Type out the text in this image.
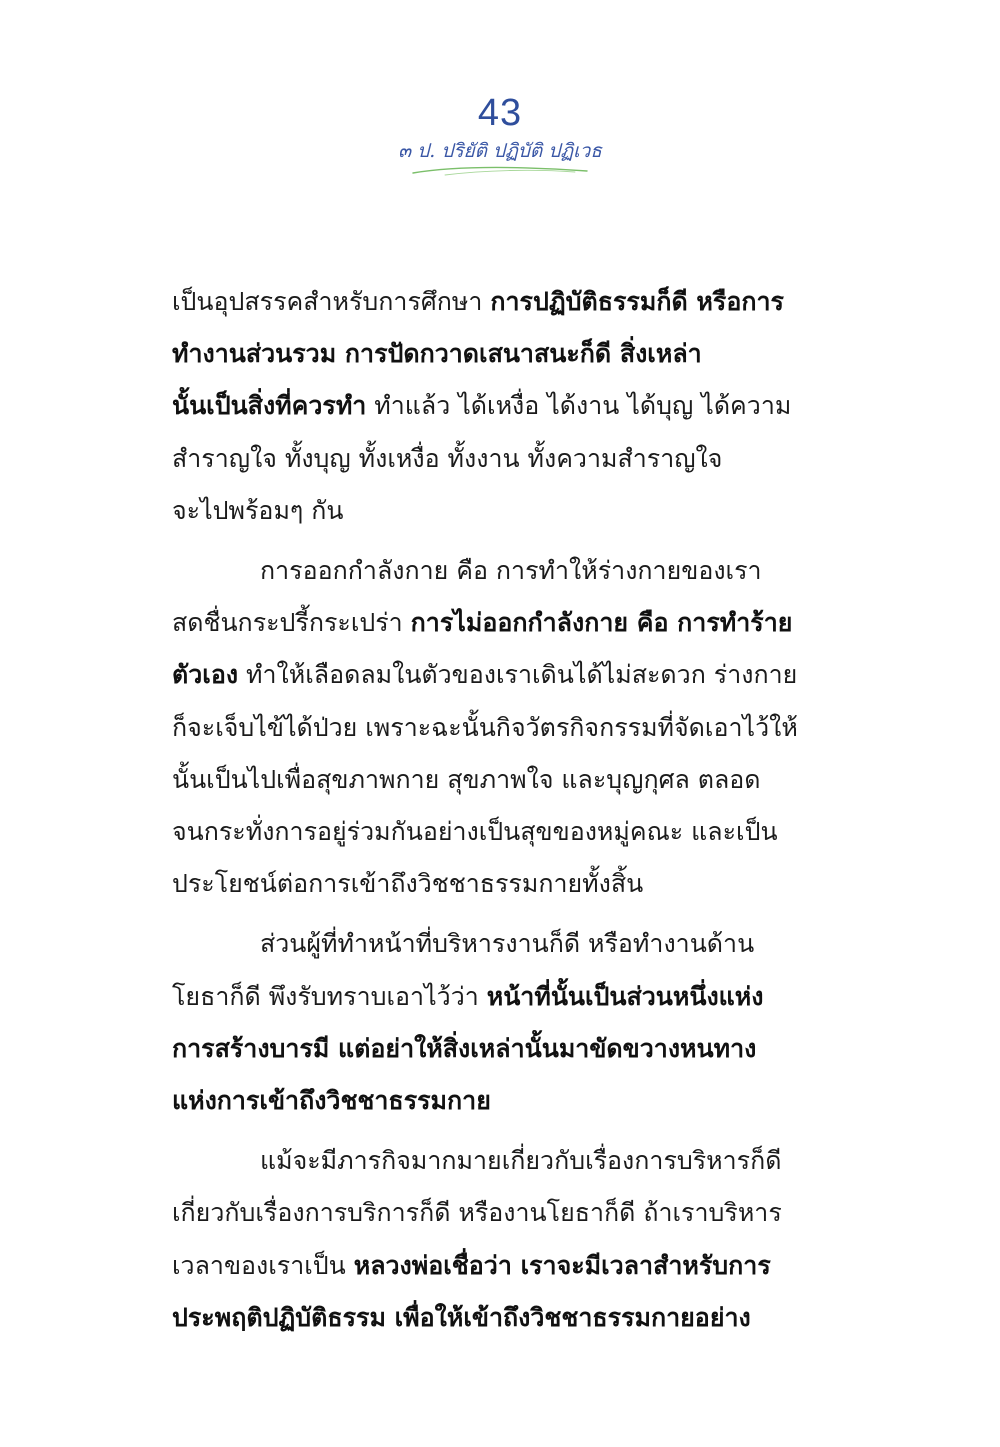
43
๓ ป. ปริยัติ ปฏิบัติ ปฏิเวธ
เป็นอุปสรรคสำหรับการศึกษา การปฏิบัติธรรมก็ดี หรือการ
ทำงานส่วนรวม การปัดกวาดเสนาสนะก็ดี สิ่งเหล่า
นั้นเป็นสิ่งที่ควรทำ ทำแล้ว ได้เหงื่อ ได้งาน ได้บุญ ได้ความ
สำราญใจ ทั้งบุญ ทั้งเหงื่อ ทั้งงาน ทั้งความสำราญใจ
จะไปพร้อมๆ กัน
การออกกำลังกาย คือ การทำให้ร่างกายของเรา
สดชื่นกระปรี้กระเปร่า การไม่ออกกำลังกาย คือ การทำร้าย
ตัวเอง ทำให้เลือดลมในตัวของเราเดินได้ไม่สะดวก ร่างกาย
ก็จะเจ็บไข้ได้ป่วย เพราะฉะนั้นกิจวัตรกิจกรรมที่จัดเอาไว้ให้
นั้นเป็นไปเพื่อสุขภาพกาย สุขภาพใจ และบุญกุศล ตลอด
จนกระทั่งการอยู่ร่วมกันอย่างเป็นสุขของหมู่คณะ และเป็น
ประโยชน์ต่อการเข้าถึงวิชชาธรรมกายทั้งสิ้น
ส่วนผู้ที่ทำหน้าที่บริหารงานก็ดี หรือทำงานด้าน
โยธาก็ดี พึงรับทราบเอาไว้ว่า หน้าที่นั้นเป็นส่วนหนึ่งแห่ง
การสร้างบารมี แต่อย่าให้สิ่งเหล่านั้นมาขัดขวางหนทาง
แห่งการเข้าถึงวิชชาธรรมกาย
แม้จะมีภารกิจมากมายเกี่ยวกับเรื่องการบริหารก็ดี
เกี่ยวกับเรื่องการบริการก็ดี หรืองานโยธาก็ดี ถ้าเราบริหาร
เวลาของเราเป็น หลวงพ่อเชื่อว่า เราจะมีเวลาสำหรับการ
ประพฤติปฏิบัติธรรม เพื่อให้เข้าถึงวิชชาธรรมกายอย่าง
